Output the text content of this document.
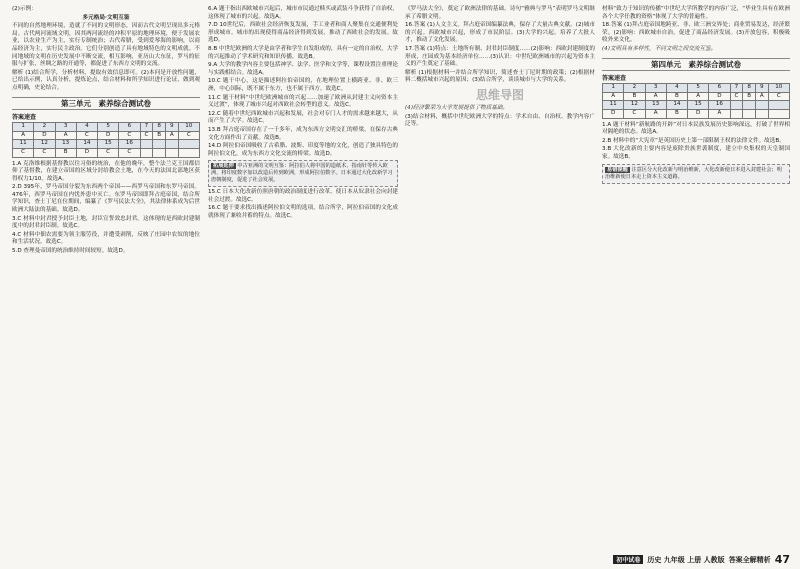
(2)示例：

多元格局·文明互鉴

不同的自然地理环境，造就了不同的文明形态，因而古代文明呈现出多元格局。古代两河流域文明，因其两河流经的冲积平原的地理环境，便于发展农业，以农业生产为主，实行专制统治；古代希腊，受到爱琴海的影响，以商品经济为主，实行民主政治。它们分别创造了具有地域特色的文明成就。不同地域的文明在历史发展中不断交流，相互影响，亚历山大东征，罗马的征服与扩张，丝绸之路的开通等，都促进了东西方文明的交流。

解析 (1)结合所学，分析材料，提取有效信息即可。(2)本问是开放性问题，已给出示例，认真分析，提炼论点，结合材料和所学知识进行论证，做到观点明确，史论结合。

第三单元　素养综合测试卷
答案速查
1	2	3	4	5	6	7	8	9	10
A	D	A	C	D	C	C	B	A	C
11	12	13	14	15	16				
C	C	B	D	C	C				

1.A 克洛维根据基督教以往习俗的统治，在他的晚年，整个法兰克王国都信仰了基督教，在建立帝国的区域分封给教会土地，在今天的法国北部地区获得权力1/10。故选A。

2.D 395年，罗马帝国分裂为东西两个帝国——西罗马帝国和东罗马帝国。476年，西罗马帝国在内忧外患中灭亡。东罗马帝国即拜占庭帝国，结合所学知识，查士丁尼在位期间，编纂了《罗马民法大全》，其法律体系成为后世欧洲大陆法的基础。故选D。

3.C 材料中封君授予封臣土地，封臣宣誓效忠封君。这体现的是西欧封建制度中的封君封臣制。故选C。

4.C 材料中佃农需要为领主服劳役，并遭受剥削，反映了庄园中农奴的地位和生活状况。故选C。

5.D 查理曼帝国的统治维持时间较短。故选D。

6.A 题干指出西欧城市兴起后，城市市民通过赎买或武装斗争获得了自治权，这体现了城市的兴起。故选A。

7.D 10世纪后，西欧社会经济恢复发展，手工业者和商人聚集在交通便利处形成城市。城市的出现使得商品经济得到发展，推动了西欧社会的发展。故选D。

8.B 中世纪欧洲的大学是由学者和学生自发组成的，具有一定的自治权，大学的兴起推动了学术研究和知识传播。故选B。

9.A 大学的教学内容主要包括神学、法学、医学和文学等，课程设置注重理论与实践相结合。故选A。

10.C 题干中心，这是描述阿拉伯帝国的，在地理位置上横跨亚、非、欧三洲，中心国际，既不属于东方，也不属于西方。故选C。

11.C 题干材料“中世纪欧洲城市的兴起……加速了欧洲从封建主义向资本主义过渡”，体现了城市兴起对西欧社会转型的意义。故选C。

12.C 随着中世纪西欧城市兴起和发展，社会对专门人才的需求越来越大，从而产生了大学。故选C。

13.B 拜占庭帝国存在了一千多年，成为东西方文明交汇的桥梁，在保存古典文化方面作出了贡献。故选B。

14.D 阿拉伯帝国吸收了古希腊、波斯、印度等地的文化，创造了独具特色的阿拉伯文化，成为东西方文化交流的桥梁。故选D。

拓展延伸 中古亚洲的文明互鉴：阿拉伯人将中国的造纸术、指南针等传入欧洲，将印度数字加以改造后传到欧洲，形成阿拉伯数字。日本通过大化改新学习唐朝制度，促进了社会发展。

15.C 日本大化改新仿照唐朝的政治制度进行改革，使日本从奴隶社会向封建社会过渡。故选C。

16.C 题干要求找出描述阿拉伯文明的选项，结合所学，阿拉伯帝国的文化成就体现了兼收并蓄的特点。故选C。

《罗马法大全》，奠定了欧洲法律的基础。诗句“雅典与罗马”表明罗马文明继承了希腊文明。

16.答案 (1)人文主义。拜占庭帝国编纂法典，保存了大量古典文献。(2)城市的兴起。西欧城市兴起，形成了市民阶层。(3)大学的兴起。培养了大批人才，推动了文化发展。

17.答案 (1)特点：土地所有制、封君封臣制度……(2)影响：西欧封建制度的形成，庄园成为基本经济单位……(3)认识：中世纪欧洲城市的兴起为资本主义的产生奠定了基础。

解析 (1)根据材料一并结合所学知识，简述查士丁尼时期的政策；(2)根据材料二概括城市兴起的原因；(3)结合所学，谈谈城市与大学的关系。

思维导图

(4)经济繁荣为大学发展提供了物质基础。

(3)结合材料，概括中世纪欧洲大学的特点：学术自由、自治权、教学内容广泛等。

材料“致力于知识的传播”中世纪大学所教学的内容广泛，“毕业生具有在欧洲各个大学任教的资格”体现了大学的普遍性。

18.答案 (1)拜占庭帝国地跨亚、非、欧三洲交界处；商业贸易发达，经济繁荣。(2)影响：西欧城市自治，促进了商品经济发展。(3)开放包容，积极吸收外来文化。

(4)文明具有多样性，不同文明之间交流互鉴。

第四单元　素养综合测试卷
答案速查
1	2	3	4	5	6	7	8	9	10
A	B	A	B	A	D	C	B	A	C
11	12	13	14	15	16				
D	C	A	B	D	A				

1.A 题干材料“新航路的开辟”对日本民族发展历史影响深远，打破了世界相对隔绝的状态。故选A。

2.B 材料中的“大宪章”是英国历史上第一部限制王权的法律文件。故选B。

3.B 大化改新的主要内容是废除贵族世袭制度，建立中央集权的天皇制国家。故选B。

易错提醒 注意区分大化改新与明治维新，大化改新使日本进入封建社会；明治维新使日本走上资本主义道路。
初中试卷	历史 九年级 上册 人教版 答案全解精析 47
